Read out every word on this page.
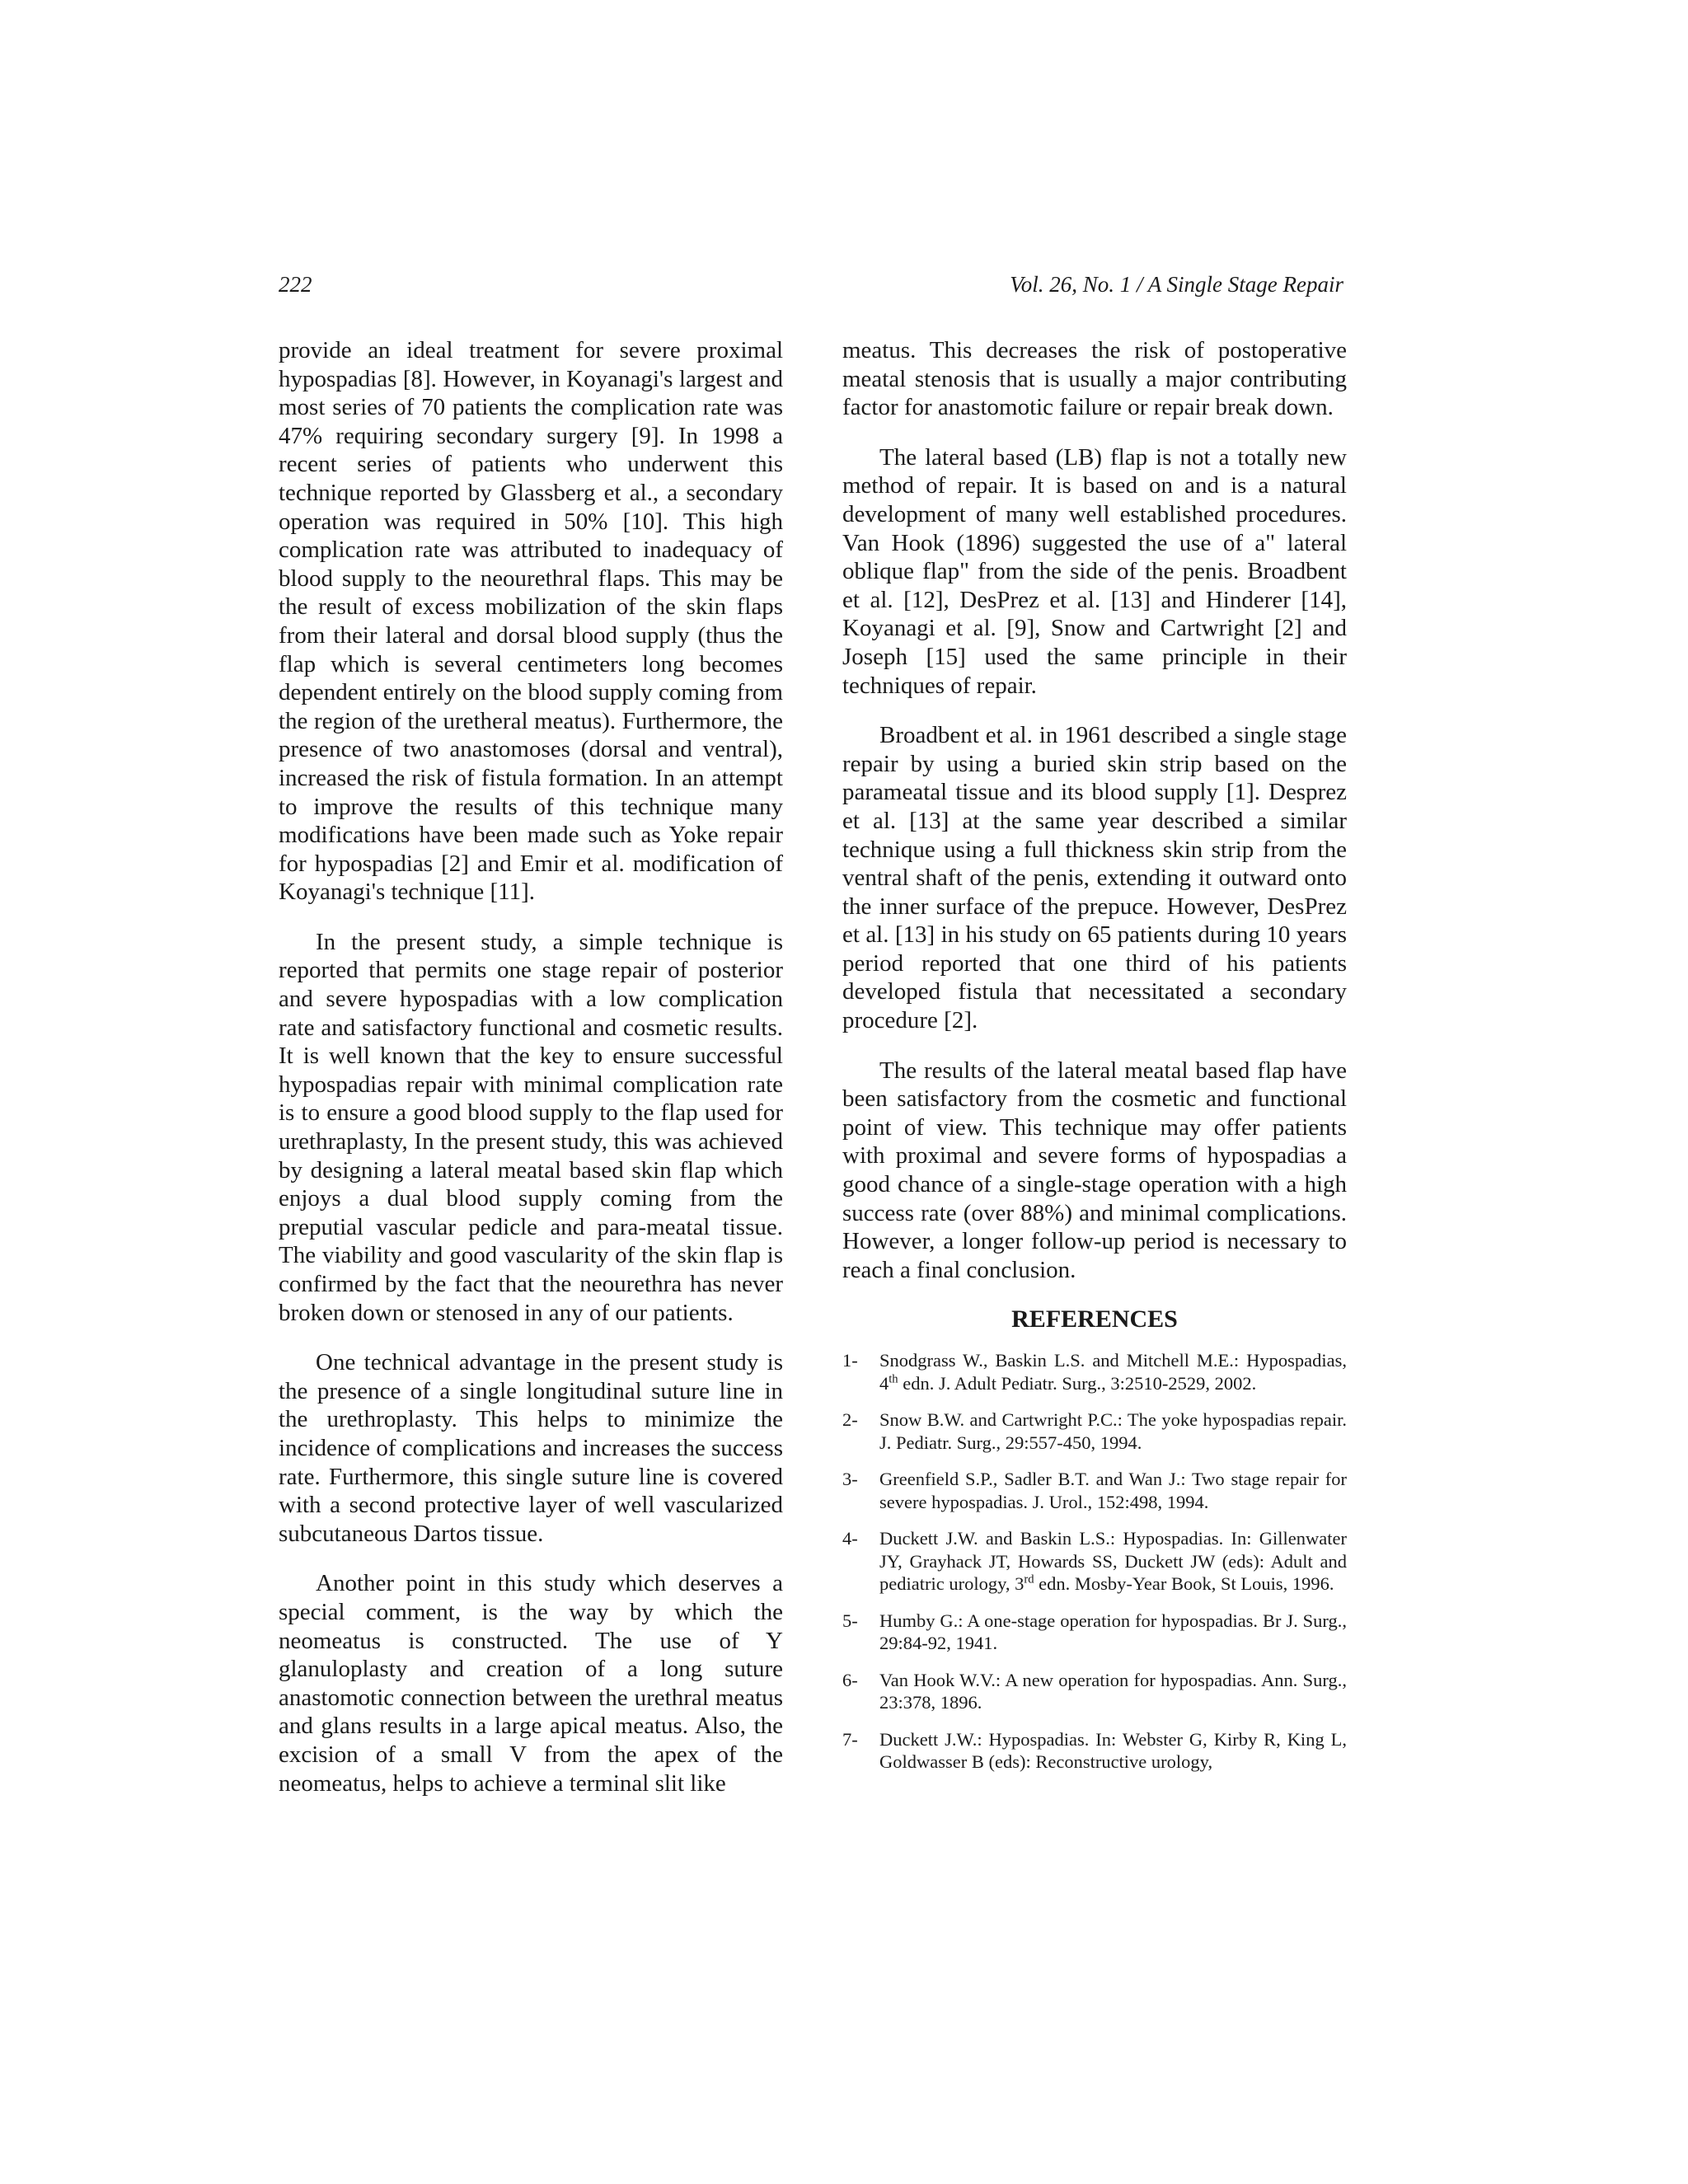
222	Vol. 26, No. 1 / A Single Stage Repair

provide an ideal treatment for severe proximal hypospadias [8]. However, in Koyanagi's largest and most series of 70 patients the complication rate was 47% requiring secondary surgery [9]. In 1998 a recent series of patients who underwent this technique reported by Glassberg et al., a secondary operation was required in 50% [10]. This high complication rate was attributed to inadequacy of blood supply to the neourethral flaps. This may be the result of excess mobilization of the skin flaps from their lateral and dorsal blood supply (thus the flap which is several centimeters long becomes dependent entirely on the blood supply coming from the region of the uretheral meatus). Furthermore, the presence of two anastomoses (dorsal and ventral), increased the risk of fistula formation. In an attempt to improve the results of this technique many modifications have been made such as Yoke repair for hypospadias [2] and Emir et al. modification of Koyanagi's technique [11].

In the present study, a simple technique is reported that permits one stage repair of posterior and severe hypospadias with a low complication rate and satisfactory functional and cosmetic results. It is well known that the key to ensure successful hypospadias repair with minimal complication rate is to ensure a good blood supply to the flap used for urethraplasty, In the present study, this was achieved by designing a lateral meatal based skin flap which enjoys a dual blood supply coming from the preputial vascular pedicle and para-meatal tissue. The viability and good vascularity of the skin flap is confirmed by the fact that the neourethra has never broken down or stenosed in any of our patients.

One technical advantage in the present study is the presence of a single longitudinal suture line in the urethroplasty. This helps to minimize the incidence of complications and increases the success rate. Furthermore, this single suture line is covered with a second protective layer of well vascularized subcutaneous Dartos tissue.

Another point in this study which deserves a special comment, is the way by which the neomeatus is constructed. The use of Y glanuloplasty and creation of a long suture anastomotic connection between the urethral meatus and glans results in a large apical meatus. Also, the excision of a small V from the apex of the neomeatus, helps to achieve a terminal slit like

meatus. This decreases the risk of postoperative meatal stenosis that is usually a major contributing factor for anastomotic failure or repair break down.

The lateral based (LB) flap is not a totally new method of repair. It is based on and is a natural development of many well established procedures. Van Hook (1896) suggested the use of a" lateral oblique flap" from the side of the penis. Broadbent et al. [12], DesPrez et al. [13] and Hinderer [14], Koyanagi et al. [9], Snow and Cartwright [2] and Joseph [15] used the same principle in their techniques of repair.

Broadbent et al. in 1961 described a single stage repair by using a buried skin strip based on the parameatal tissue and its blood supply [1]. Desprez et al. [13] at the same year described a similar technique using a full thickness skin strip from the ventral shaft of the penis, extending it outward onto the inner surface of the prepuce. However, DesPrez et al. [13] in his study on 65 patients during 10 years period reported that one third of his patients developed fistula that necessitated a secondary procedure [2].

The results of the lateral meatal based flap have been satisfactory from the cosmetic and functional point of view. This technique may offer patients with proximal and severe forms of hypospadias a good chance of a single-stage operation with a high success rate (over 88%) and minimal complications. However, a longer follow-up period is necessary to reach a final conclusion.

REFERENCES
1- Snodgrass W., Baskin L.S. and Mitchell M.E.: Hypospadias, 4th edn. J. Adult Pediatr. Surg., 3:2510-2529, 2002.
2- Snow B.W. and Cartwright P.C.: The yoke hypospadias repair. J. Pediatr. Surg., 29:557-450, 1994.
3- Greenfield S.P., Sadler B.T. and Wan J.: Two stage repair for severe hypospadias. J. Urol., 152:498, 1994.
4- Duckett J.W. and Baskin L.S.: Hypospadias. In: Gillenwater JY, Grayhack JT, Howards SS, Duckett JW (eds): Adult and pediatric urology, 3rd edn. Mosby-Year Book, St Louis, 1996.
5- Humby G.: A one-stage operation for hypospadias. Br J. Surg., 29:84-92, 1941.
6- Van Hook W.V.: A new operation for hypospadias. Ann. Surg., 23:378, 1896.
7- Duckett J.W.: Hypospadias. In: Webster G, Kirby R, King L, Goldwasser B (eds): Reconstructive urology,
